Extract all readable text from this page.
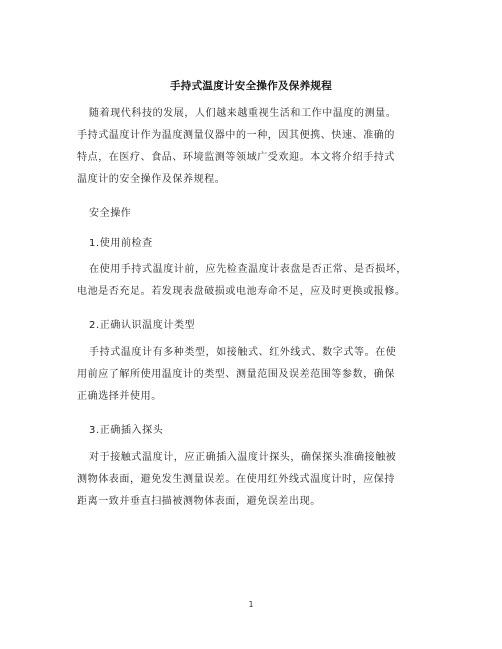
手持式温度计安全操作及保养规程
随着现代科技的发展，人们越来越重视生活和工作中温度的测量。
手持式温度计作为温度测量仪器中的一种，因其便携、快速、准确的
特点，在医疗、食品、环境监测等领域广受欢迎。本文将介绍手持式
温度计的安全操作及保养规程。
安全操作
1.使用前检查
在使用手持式温度计前，应先检查温度计表盘是否正常、是否损坏，
电池是否充足。若发现表盘破损或电池寿命不足，应及时更换或报修。
2.正确认识温度计类型
手持式温度计有多种类型，如接触式、红外线式、数字式等。在使
用前应了解所使用温度计的类型、测量范围及误差范围等参数，确保
正确选择并使用。
3.正确插入探头
对于接触式温度计，应正确插入温度计探头，确保探头准确接触被
测物体表面，避免发生测量误差。在使用红外线式温度计时，应保持
距离一致并垂直扫描被测物体表面，避免误差出现。
1
